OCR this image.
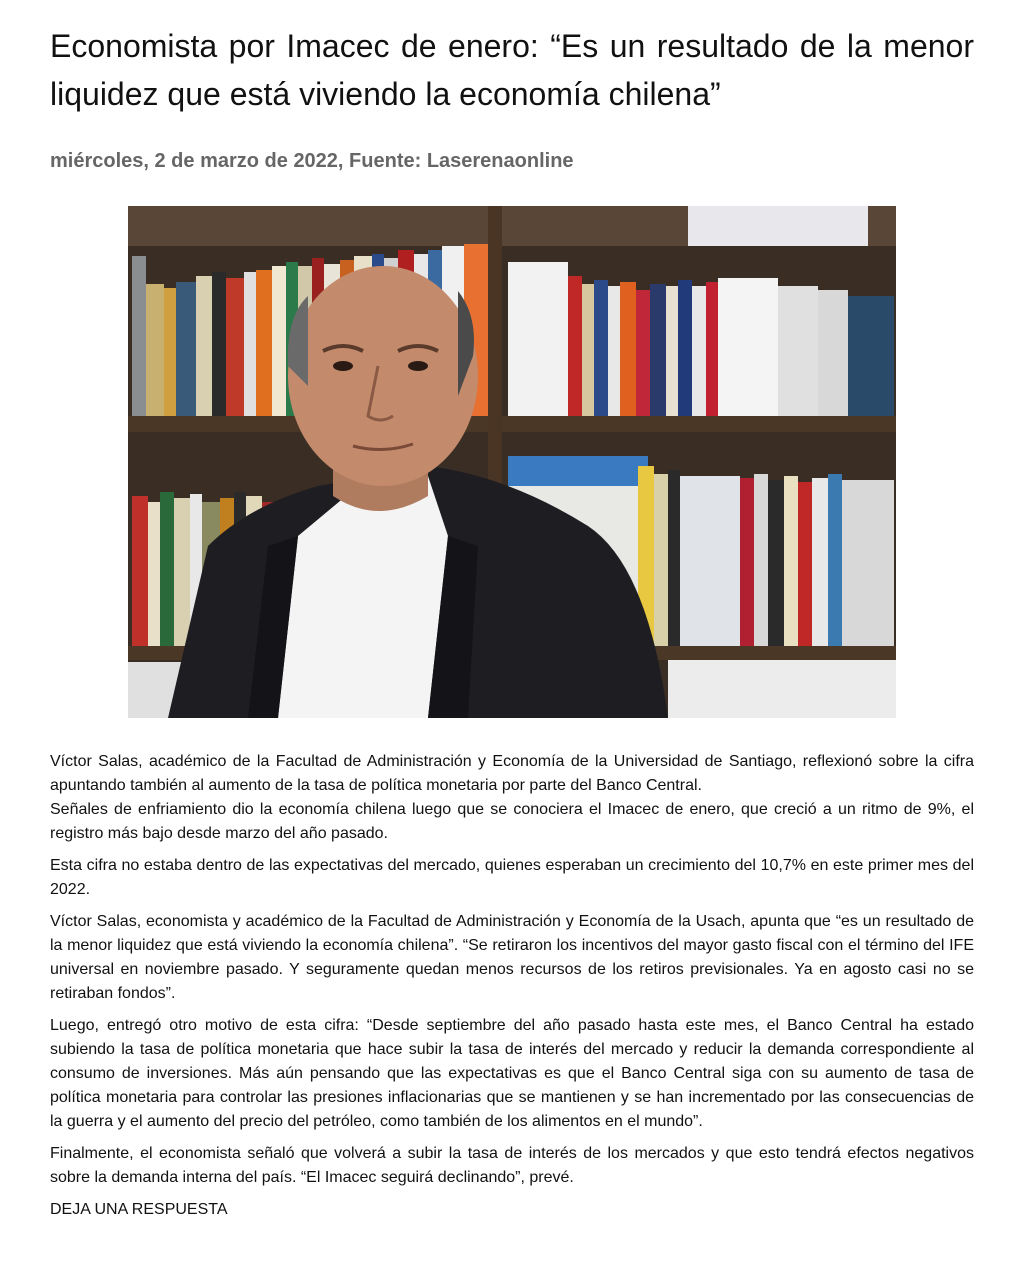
Economista por Imacec de enero: “Es un resultado de la menor liquidez que está viviendo la economía chilena”
miércoles, 2 de marzo de 2022, Fuente: Laserenaonline

Víctor Salas, académico de la Facultad de Administración y Economía de la Universidad de Santiago, reflexionó sobre la cifra apuntando también al aumento de la tasa de política monetaria por parte del Banco Central.

Señales de enfriamiento dio la economía chilena luego que se conociera el Imacec de enero, que creció a un ritmo de 9%, el registro más bajo desde marzo del año pasado.

Esta cifra no estaba dentro de las expectativas del mercado, quienes esperaban un crecimiento del 10,7% en este primer mes del 2022.

Víctor Salas, economista y académico de la Facultad de Administración y Economía de la Usach, apunta que “es un resultado de la menor liquidez que está viviendo la economía chilena”. “Se retiraron los incentivos del mayor gasto fiscal con el término del IFE universal en noviembre pasado. Y seguramente quedan menos recursos de los retiros previsionales. Ya en agosto casi no se retiraban fondos”.

Luego, entregó otro motivo de esta cifra: “Desde septiembre del año pasado hasta este mes, el Banco Central ha estado subiendo la tasa de política monetaria que hace subir la tasa de interés del mercado y reducir la demanda correspondiente al consumo de inversiones. Más aún pensando que las expectativas es que el Banco Central siga con su aumento de tasa de política monetaria para controlar las presiones inflacionarias que se mantienen y se han incrementado por las consecuencias de la guerra y el aumento del precio del petróleo, como también de los alimentos en el mundo”.

Finalmente, el economista señaló que volverá a subir la tasa de interés de los mercados y que esto tendrá efectos negativos sobre la demanda interna del país. “El Imacec seguirá declinando”, prevé.

DEJA UNA RESPUESTA
